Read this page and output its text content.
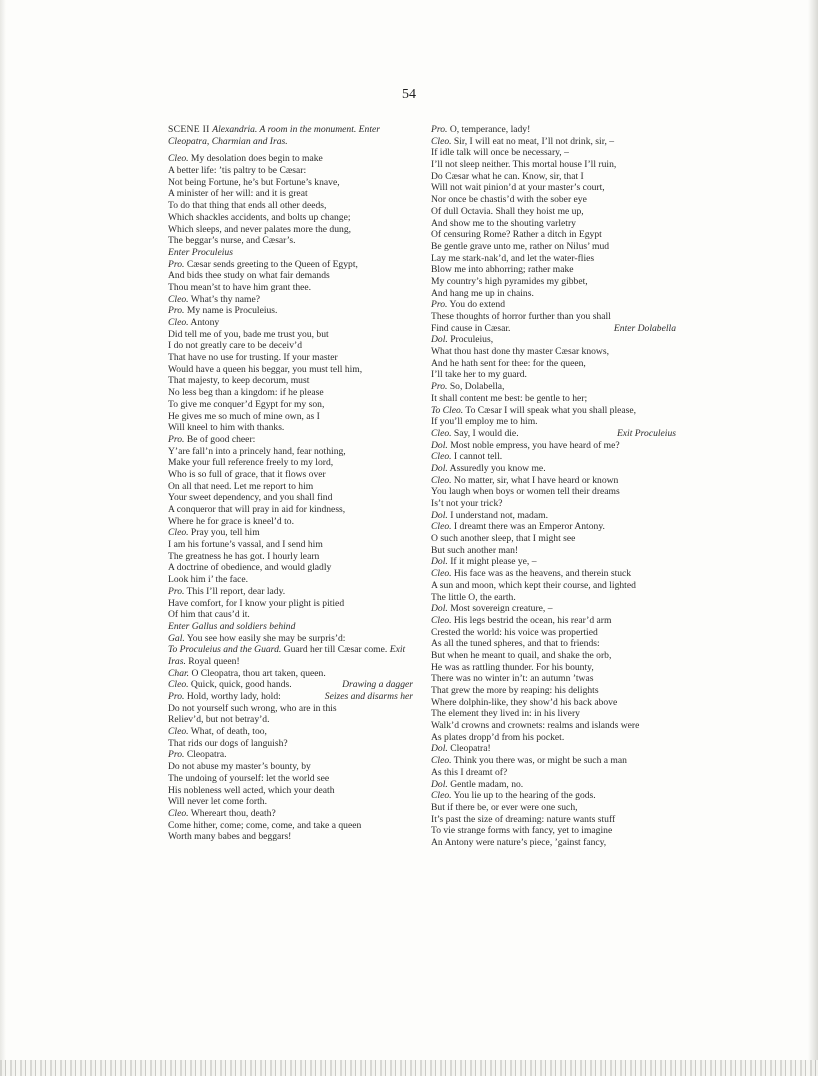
54
SCENE II Alexandria. A room in the monument. Enter
Cleopatra, Charmian and Iras.
Cleo. My desolation does begin to make
A better life: ’tis paltry to be Cæsar:
Not being Fortune, he’s but Fortune’s knave,
A minister of her will: and it is great
To do that thing that ends all other deeds,
Which shackles accidents, and bolts up change;
Which sleeps, and never palates more the dung,
The beggar’s nurse, and Cæsar’s.
Enter Proculeius
Pro. Cæsar sends greeting to the Queen of Egypt,
And bids thee study on what fair demands
Thou mean’st to have him grant thee.
Cleo. What’s thy name?
Pro. My name is Proculeius.
Cleo. Antony
Did tell me of you, bade me trust you, but
I do not greatly care to be deceiv’d
That have no use for trusting. If your master
Would have a queen his beggar, you must tell him,
That majesty, to keep decorum, must
No less beg than a kingdom: if he please
To give me conquer’d Egypt for my son,
He gives me so much of mine own, as I
Will kneel to him with thanks.
Pro. Be of good cheer:
Y’are fall’n into a princely hand, fear nothing,
Make your full reference freely to my lord,
Who is so full of grace, that it flows over
On all that need. Let me report to him
Your sweet dependency, and you shall find
A conqueror that will pray in aid for kindness,
Where he for grace is kneel’d to.
Cleo. Pray you, tell him
I am his fortune’s vassal, and I send him
The greatness he has got. I hourly learn
A doctrine of obedience, and would gladly
Look him i’ the face.
Pro. This I’ll report, dear lady.
Have comfort, for I know your plight is pitied
Of him that caus’d it.
Enter Gallus and soldiers behind
Gal. You see how easily she may be surpris’d:
To Proculeius and the Guard. Guard her till Cæsar come. Exit
Iras. Royal queen!
Char. O Cleopatra, thou art taken, queen.
Cleo. Quick, quick, good hands.	Drawing a dagger
Pro. Hold, worthy lady, hold:	Seizes and disarms her
Do not yourself such wrong, who are in this
Reliev’d, but not betray’d.
Cleo. What, of death, too,
That rids our dogs of languish?
Pro. Cleopatra.
Do not abuse my master’s bounty, by
The undoing of yourself: let the world see
His nobleness well acted, which your death
Will never let come forth.
Cleo. Whereart thou, death?
Come hither, come; come, come, and take a queen
Worth many babes and beggars!
Pro. O, temperance, lady!
Cleo. Sir, I will eat no meat, I’ll not drink, sir, –
If idle talk will once be necessary, –
I’ll not sleep neither. This mortal house I’ll ruin,
Do Cæsar what he can. Know, sir, that I
Will not wait pinion’d at your master’s court,
Nor once be chastis’d with the sober eye
Of dull Octavia. Shall they hoist me up,
And show me to the shouting varletry
Of censuring Rome? Rather a ditch in Egypt
Be gentle grave unto me, rather on Nilus’ mud
Lay me stark-nak’d, and let the water-flies
Blow me into abhorring; rather make
My country’s high pyramides my gibbet,
And hang me up in chains.
Pro. You do extend
These thoughts of horror further than you shall
Find cause in Cæsar.	Enter Dolabella
Dol. Proculeius,
What thou hast done thy master Cæsar knows,
And he hath sent for thee: for the queen,
I’ll take her to my guard.
Pro. So, Dolabella,
It shall content me best: be gentle to her;
To Cleo. To Cæsar I will speak what you shall please,
If you’ll employ me to him.
Cleo. Say, I would die.	Exit Proculeius
Dol. Most noble empress, you have heard of me?
Cleo. I cannot tell.
Dol. Assuredly you know me.
Cleo. No matter, sir, what I have heard or known
You laugh when boys or women tell their dreams
Is’t not your trick?
Dol. I understand not, madam.
Cleo. I dreamt there was an Emperor Antony.
O such another sleep, that I might see
But such another man!
Dol. If it might please ye, –
Cleo. His face was as the heavens, and therein stuck
A sun and moon, which kept their course, and lighted
The little O, the earth.
Dol. Most sovereign creature, –
Cleo. His legs bestrid the ocean, his rear’d arm
Crested the world: his voice was propertied
As all the tuned spheres, and that to friends:
But when he meant to quail, and shake the orb,
He was as rattling thunder. For his bounty,
There was no winter in’t: an autumn ’twas
That grew the more by reaping: his delights
Where dolphin-like, they show’d his back above
The element they lived in: in his livery
Walk’d crowns and crownets: realms and islands were
As plates dropp’d from his pocket.
Dol. Cleopatra!
Cleo. Think you there was, or might be such a man
As this I dreamt of?
Dol. Gentle madam, no.
Cleo. You lie up to the hearing of the gods.
But if there be, or ever were one such,
It’s past the size of dreaming: nature wants stuff
To vie strange forms with fancy, yet to imagine
An Antony were nature’s piece, ’gainst fancy,
